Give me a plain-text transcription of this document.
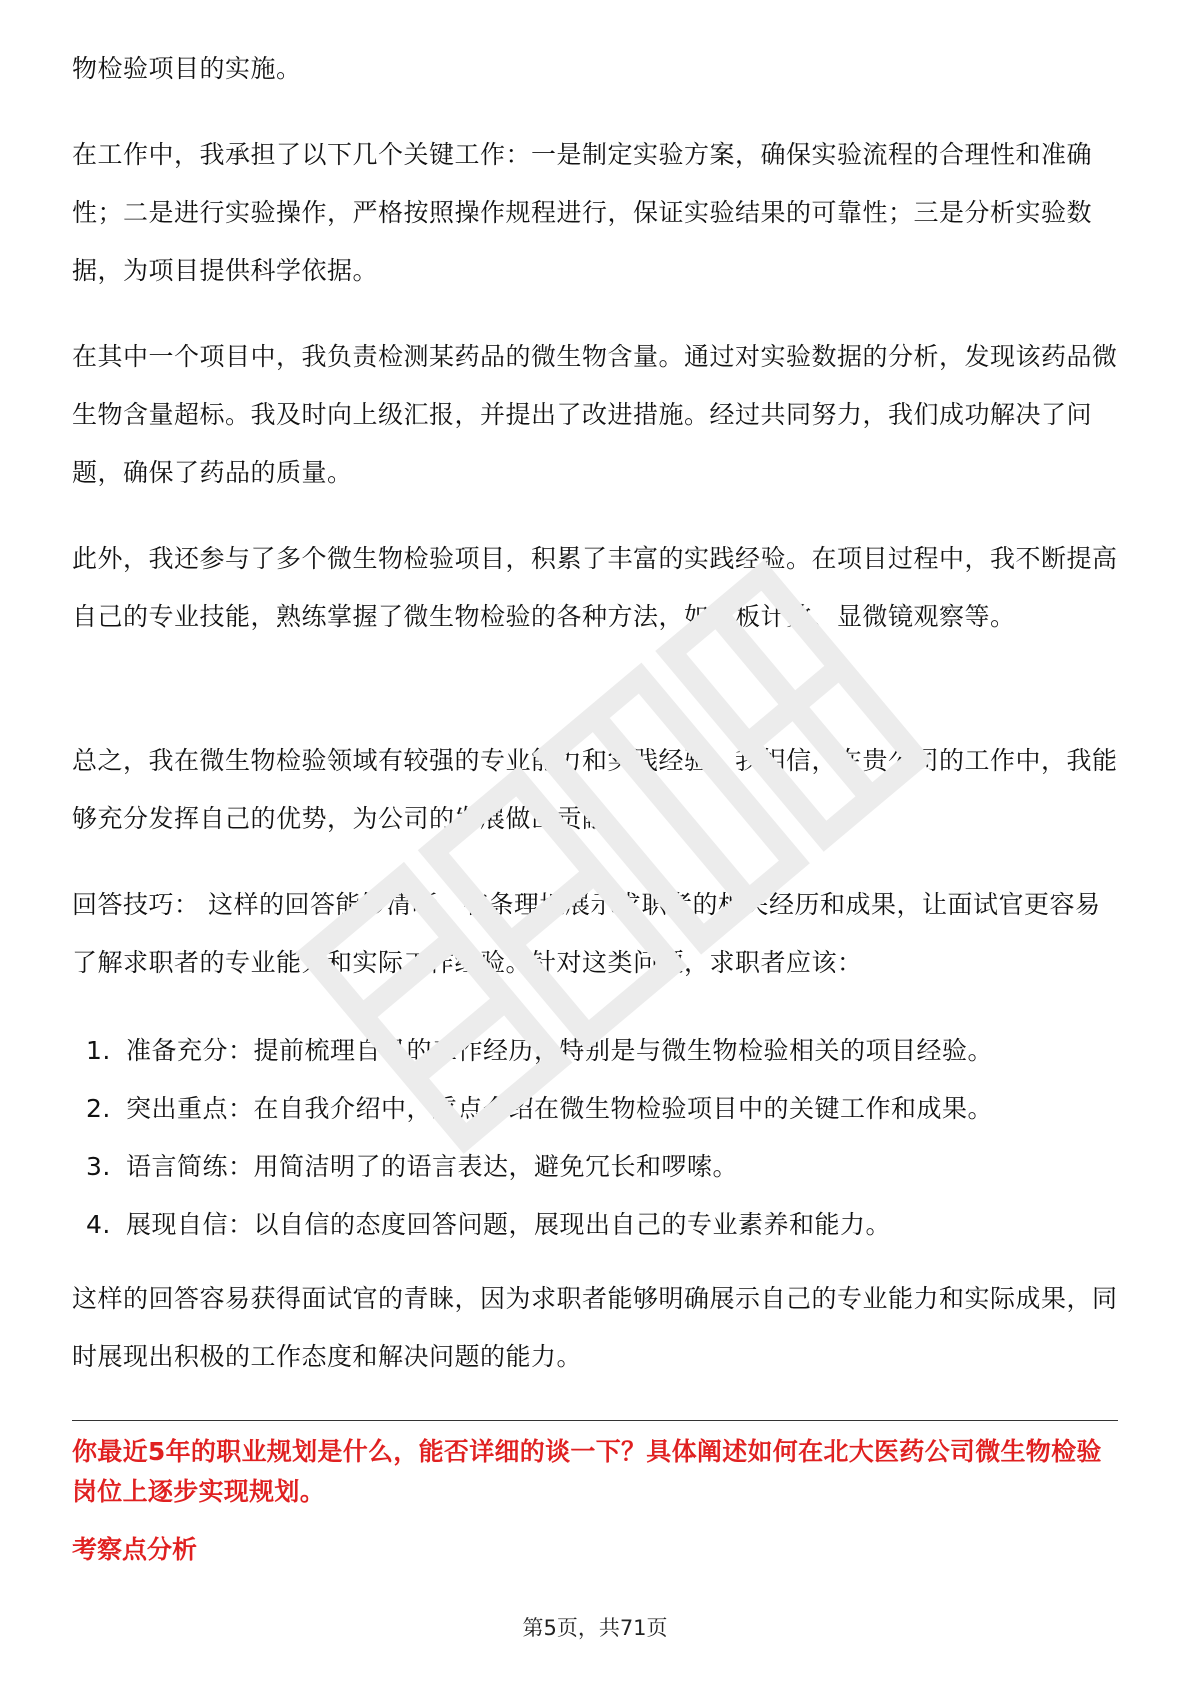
物检验项目的实施。

在工作中，我承担了以下几个关键工作：一是制定实验方案，确保实验流程的合理性和准确性；二是进行实验操作，严格按照操作规程进行，保证实验结果的可靠性；三是分析实验数据，为项目提供科学依据。

在其中一个项目中，我负责检测某药品的微生物含量。通过对实验数据的分析，发现该药品微生物含量超标。我及时向上级汇报，并提出了改进措施。经过共同努力，我们成功解决了问题，确保了药品的质量。

此外，我还参与了多个微生物检验项目，积累了丰富的实践经验。在项目过程中，我不断提高自己的专业技能，熟练掌握了微生物检验的各种方法，如平板计数、显微镜观察等。

总之，我在微生物检验领域有较强的专业能力和实践经验。我相信，在贵公司的工作中，我能够充分发挥自己的优势，为公司的发展做出贡献。

回答技巧： 这样的回答能够清晰、有条理地展示求职者的相关经历和成果，让面试官更容易了解求职者的专业能力和实际工作经验。针对这类问题，求职者应该：

1. 准备充分：提前梳理自己的工作经历，特别是与微生物检验相关的项目经验。
2. 突出重点：在自我介绍中，重点介绍在微生物检验项目中的关键工作和成果。
3. 语言简练：用简洁明了的语言表达，避免冗长和啰嗦。
4. 展现自信：以自信的态度回答问题，展现出自己的专业素养和能力。

这样的回答容易获得面试官的青睐，因为求职者能够明确展示自己的专业能力和实际成果，同时展现出积极的工作态度和解决问题的能力。

你最近5年的职业规划是什么，能否详细的谈一下？具体阐述如何在北大医药公司微生物检验岗位上逐步实现规划。

考察点分析

第5页，共71页
